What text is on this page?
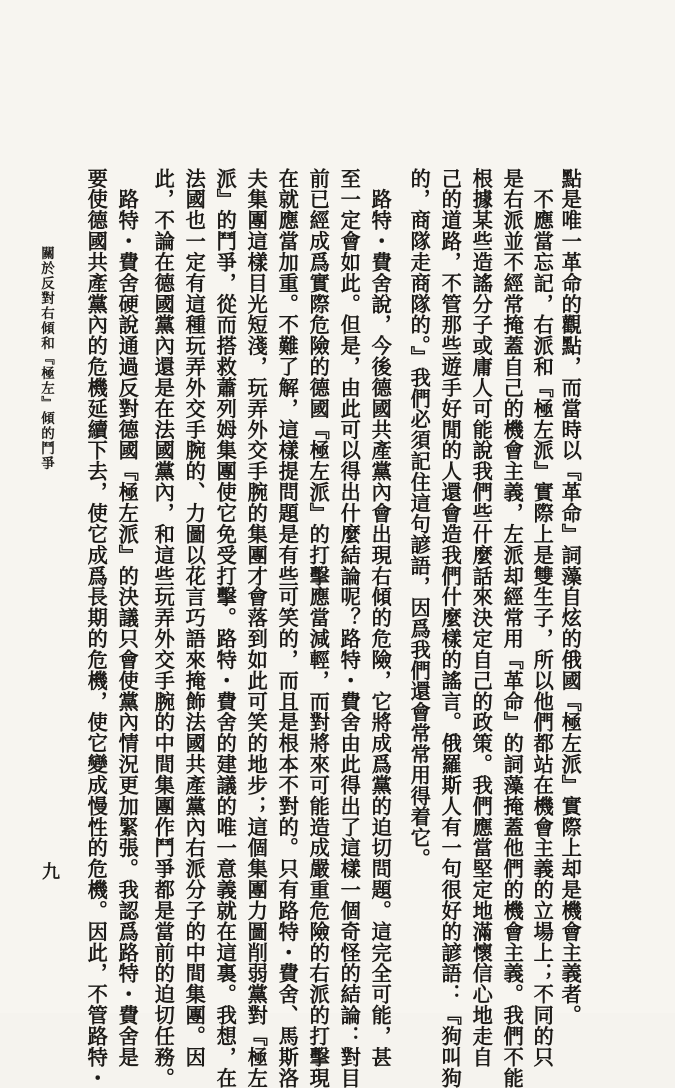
點是唯一革命的觀點，而當時以『革命』詞藻自炫的俄國『極左派』實際上却是機會主義者。
　不應當忘記，右派和『極左派』實際上是雙生子，所以他們都站在機會主義的立場上；不同的只
是右派並不經常掩蓋自己的機會主義，左派却經常用『革命』的詞藻掩蓋他們的機會主義。我們不能
根據某些造謠分子或庸人可能說我們些什麼話來決定自己的政策。我們應當堅定地滿懷信心地走自
己的道路，不管那些遊手好閒的人還會造我們什麼樣的謠言。俄羅斯人有一句很好的諺語：『狗叫狗
的，商隊走商隊的。』我們必須記住這句諺語，因爲我們還會常常用得着它。
　路特・費舍說，今後德國共產黨內會出現右傾的危險，它將成爲黨的迫切問題。這完全可能，甚
至一定會如此。但是，由此可以得出什麼結論呢？路特・費舍由此得出了這樣一個奇怪的結論：對目
前已經成爲實際危險的德國『極左派』的打擊應當減輕，而對將來可能造成嚴重危險的右派的打擊現
在就應當加重。不難了解，這樣提問題是有些可笑的，而且是根本不對的。只有路特・費舍、馬斯洛
夫集團這樣目光短淺，玩弄外交手腕的集團才會落到如此可笑的地步；這個集團力圖削弱黨對『極左
派』的鬥爭，從而搭救蕭列姆集團使它免受打擊。路特・費舍的建議的唯一意義就在這裏。我想，在
法國也一定有這種玩弄外交手腕的、力圖以花言巧語來掩飾法國共產黨內右派分子的中間集團。因
此，不論在德國黨內還是在法國黨內，和這些玩弄外交手腕的中間集團作鬥爭都是當前的迫切任務。
　路特・費舍硬說通過反對德國『極左派』的決議只會使黨內情況更加緊張。我認爲路特・費舍是
要使德國共產黨內的危機延續下去，使它成爲長期的危機，使它變成慢性的危機。因此，不管路特・
關於反對右傾和『極左』傾的鬥爭
九
